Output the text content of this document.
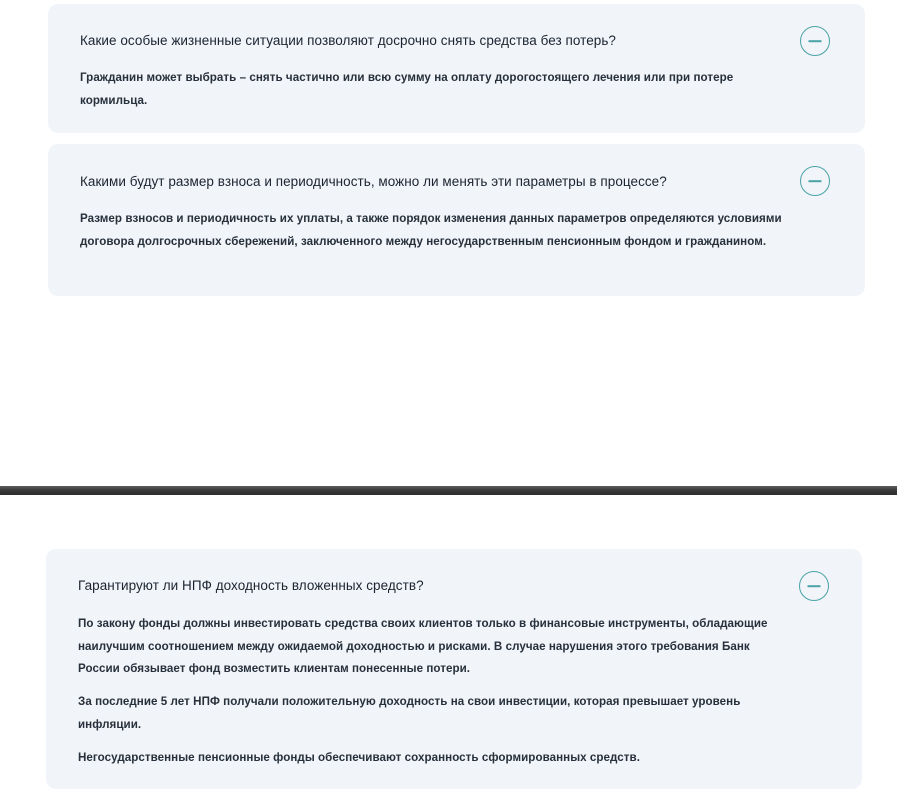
Какие особые жизненные ситуации позволяют досрочно снять средства без потерь?

Гражданин может выбрать – снять частично или всю сумму на оплату дорогостоящего лечения или при потере кормильца.

Какими будут размер взноса и периодичность, можно ли менять эти параметры в процессе?

Размер взносов и периодичность их уплаты, а также порядок изменения данных параметров определяются условиями договора долгосрочных сбережений, заключенного между негосударственным пенсионным фондом и гражданином.

Гарантируют ли НПФ доходность вложенных средств?

По закону фонды должны инвестировать средства своих клиентов только в финансовые инструменты, обладающие наилучшим соотношением между ожидаемой доходностью и рисками. В случае нарушения этого требования Банк России обязывает фонд возместить клиентам понесенные потери.

За последние 5 лет НПФ получали положительную доходность на свои инвестиции, которая превышает уровень инфляции.

Негосударственные пенсионные фонды обеспечивают сохранность сформированных средств.
